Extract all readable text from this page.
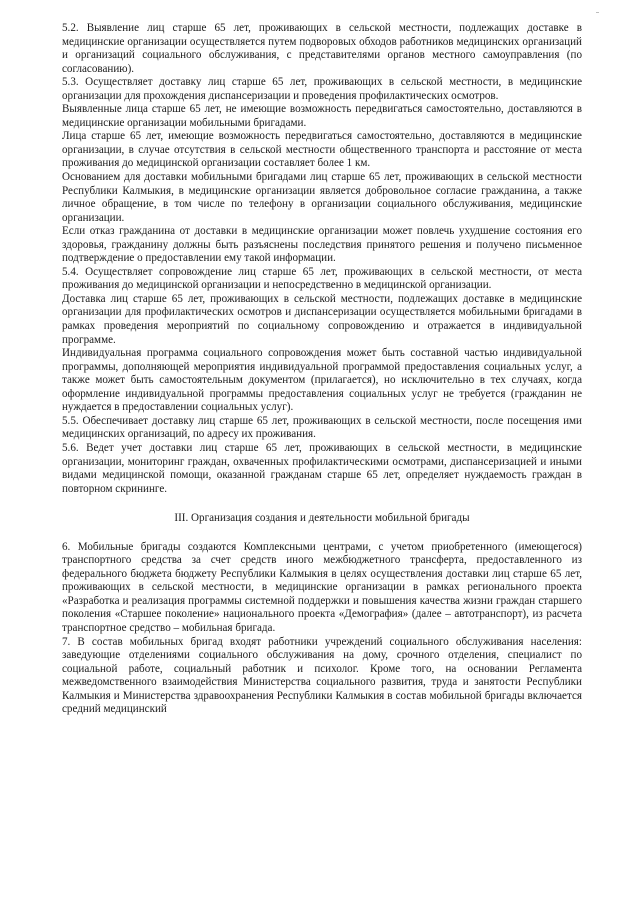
5.2. Выявление лиц старше 65 лет, проживающих в сельской местности, подлежащих доставке в медицинские организации осуществляется путем подворовых обходов работников медицинских организаций и организаций социального обслуживания, с представителями органов местного самоуправления (по согласованию).

5.3. Осуществляет доставку лиц старше 65 лет, проживающих в сельской местности, в медицинские организации для прохождения диспансеризации и проведения профилактических осмотров.

Выявленные лица старше 65 лет, не имеющие возможность передвигаться самостоятельно, доставляются в медицинские организации мобильными бригадами.

Лица старше 65 лет, имеющие возможность передвигаться самостоятельно, доставляются в медицинские организации, в случае отсутствия в сельской местности общественного транспорта и расстояние от места проживания до медицинской организации составляет более 1 км.

Основанием для доставки мобильными бригадами лиц старше 65 лет, проживающих в сельской местности Республики Калмыкия, в медицинские организации является добровольное согласие гражданина, а также личное обращение, в том числе по телефону в организации социального обслуживания, медицинские организации.

Если отказ гражданина от доставки в медицинские организации может повлечь ухудшение состояния его здоровья, гражданину должны быть разъяснены последствия принятого решения и получено письменное подтверждение о предоставлении ему такой информации.

5.4. Осуществляет сопровождение лиц старше 65 лет, проживающих в сельской местности, от места проживания до медицинской организации и непосредственно в медицинской организации.

Доставка лиц старше 65 лет, проживающих в сельской местности, подлежащих доставке в медицинские организации для профилактических осмотров и диспансеризации осуществляется мобильными бригадами в рамках проведения мероприятий по социальному сопровождению и отражается в индивидуальной программе.

Индивидуальная программа социального сопровождения может быть составной частью индивидуальной программы, дополняющей мероприятия индивидуальной программой предоставления социальных услуг, а также может быть самостоятельным документом (прилагается), но исключительно в тех случаях, когда оформление индивидуальной программы предоставления социальных услуг не требуется (гражданин не нуждается в предоставлении социальных услуг).

5.5. Обеспечивает доставку лиц старше 65 лет, проживающих в сельской местности, после посещения ими медицинских организаций, по адресу их проживания.

5.6. Ведет учет доставки лиц старше 65 лет, проживающих в сельской местности, в медицинские организации, мониторинг граждан, охваченных профилактическими осмотрами, диспансеризацией и иными видами медицинской помощи, оказанной гражданам старше 65 лет, определяет нуждаемость граждан в повторном скрининге.

III. Организация создания и деятельности мобильной бригады

6. Мобильные бригады создаются Комплексными центрами, с учетом приобретенного (имеющегося) транспортного средства за счет средств иного межбюджетного трансферта, предоставленного из федерального бюджета бюджету Республики Калмыкия в целях осуществления доставки лиц старше 65 лет, проживающих в сельской местности, в медицинские организации в рамках регионального проекта «Разработка и реализация программы системной поддержки и повышения качества жизни граждан старшего поколения «Старшее поколение» национального проекта «Демография» (далее – автотранспорт), из расчета транспортное средство – мобильная бригада.

7. В состав мобильных бригад входят работники учреждений социального обслуживания населения: заведующие отделениями социального обслуживания на дому, срочного отделения, специалист по социальной работе, социальный работник и психолог. Кроме того, на основании Регламента межведомственного взаимодействия Министерства социального развития, труда и занятости Республики Калмыкия и Министерства здравоохранения Республики Калмыкия в состав мобильной бригады включается средний медицинский
